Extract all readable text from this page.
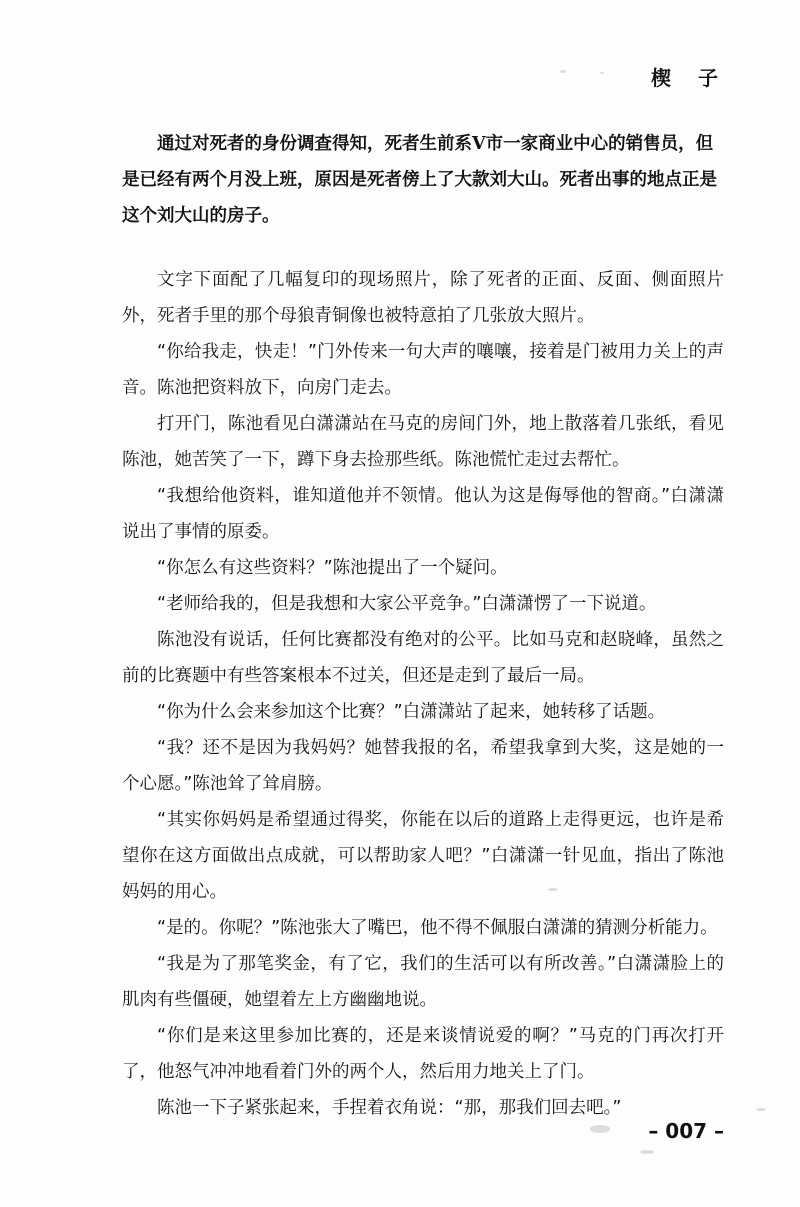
楔 子

通过对死者的身份调查得知，死者生前系V市一家商业中心的销售员，但是已经有两个月没上班，原因是死者傍上了大款刘大山。死者出事的地点正是这个刘大山的房子。

文字下面配了几幅复印的现场照片，除了死者的正面、反面、侧面照片外，死者手里的那个母狼青铜像也被特意拍了几张放大照片。

“你给我走，快走！”门外传来一句大声的嚷嚷，接着是门被用力关上的声音。陈池把资料放下，向房门走去。

打开门，陈池看见白潇潇站在马克的房间门外，地上散落着几张纸，看见陈池，她苦笑了一下，蹲下身去捡那些纸。陈池慌忙走过去帮忙。

“我想给他资料，谁知道他并不领情。他认为这是侮辱他的智商。”白潇潇说出了事情的原委。

“你怎么有这些资料？”陈池提出了一个疑问。

“老师给我的，但是我想和大家公平竞争。”白潇潇愣了一下说道。

陈池没有说话，任何比赛都没有绝对的公平。比如马克和赵晓峰，虽然之前的比赛题中有些答案根本不过关，但还是走到了最后一局。

“你为什么会来参加这个比赛？”白潇潇站了起来，她转移了话题。

“我？还不是因为我妈妈？她替我报的名，希望我拿到大奖，这是她的一个心愿。”陈池耸了耸肩膀。

“其实你妈妈是希望通过得奖，你能在以后的道路上走得更远，也许是希望你在这方面做出点成就，可以帮助家人吧？”白潇潇一针见血，指出了陈池妈妈的用心。

“是的。你呢？”陈池张大了嘴巴，他不得不佩服白潇潇的猜测分析能力。

“我是为了那笔奖金，有了它，我们的生活可以有所改善。”白潇潇脸上的肌肉有些僵硬，她望着左上方幽幽地说。

“你们是来这里参加比赛的，还是来谈情说爱的啊？”马克的门再次打开了，他怒气冲冲地看着门外的两个人，然后用力地关上了门。

陈池一下子紧张起来，手捏着衣角说：“那，那我们回去吧。”

– 007 –
